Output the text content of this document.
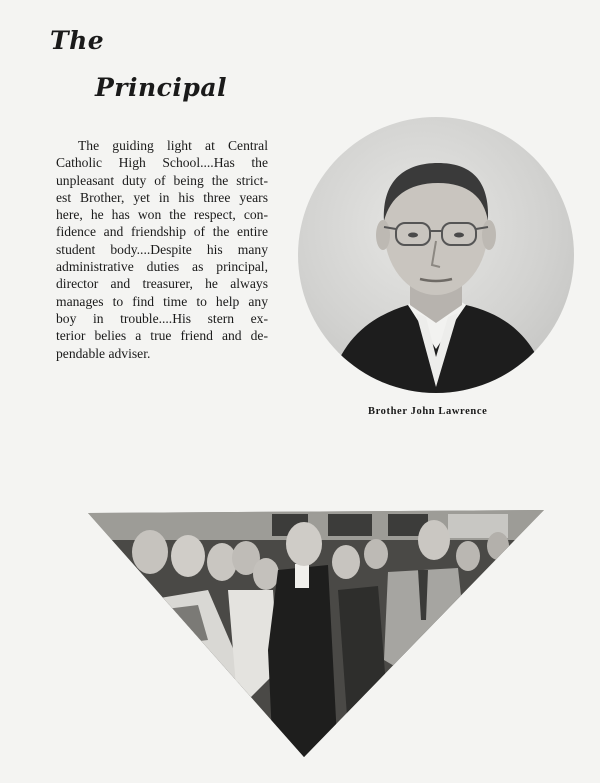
The
Principal

The guiding light at Central
Catholic High School....Has the
unpleasant duty of being the strict-
est Brother, yet in his three years
here, he has won the respect, con-
fidence and friendship of the entire
student body....Despite his many
administrative duties as principal,
director and treasurer, he always
manages to find time to help any
boy in trouble....His stern ex-
terior belies a true friend and de-
pendable adviser.

Brother John Lawrence
